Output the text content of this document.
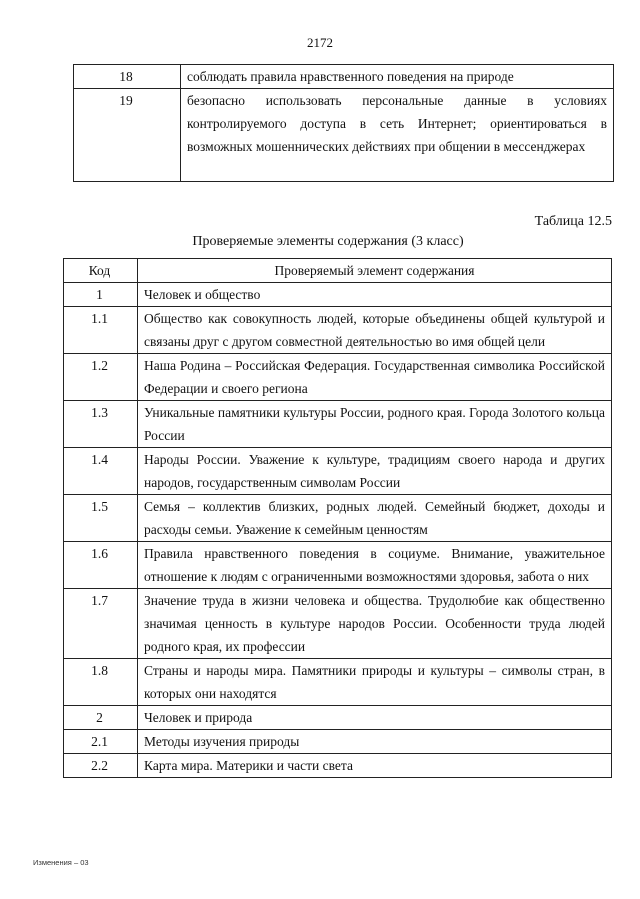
2172
18	соблюдать правила нравственного поведения на природе
19	безопасно использовать персональные данные в условиях контролируемого доступа в сеть Интернет; ориентироваться в возможных мошеннических действиях при общении в мессенджерах
Таблица 12.5
Проверяемые элементы содержания (3 класс)
Код	Проверяемый элемент содержания
1	Человек и общество
1.1	Общество как совокупность людей, которые объединены общей культурой и связаны друг с другом совместной деятельностью во имя общей цели
1.2	Наша Родина – Российская Федерация. Государственная символика Российской Федерации и своего региона
1.3	Уникальные памятники культуры России, родного края. Города Золотого кольца России
1.4	Народы России. Уважение к культуре, традициям своего народа и других народов, государственным символам России
1.5	Семья – коллектив близких, родных людей. Семейный бюджет, доходы и расходы семьи. Уважение к семейным ценностям
1.6	Правила нравственного поведения в социуме. Внимание, уважительное отношение к людям с ограниченными возможностями здоровья, забота о них
1.7	Значение труда в жизни человека и общества. Трудолюбие как общественно значимая ценность в культуре народов России. Особенности труда людей родного края, их профессии
1.8	Страны и народы мира. Памятники природы и культуры – символы стран, в которых они находятся
2	Человек и природа
2.1	Методы изучения природы
2.2	Карта мира. Материки и части света
Изменения – 03
